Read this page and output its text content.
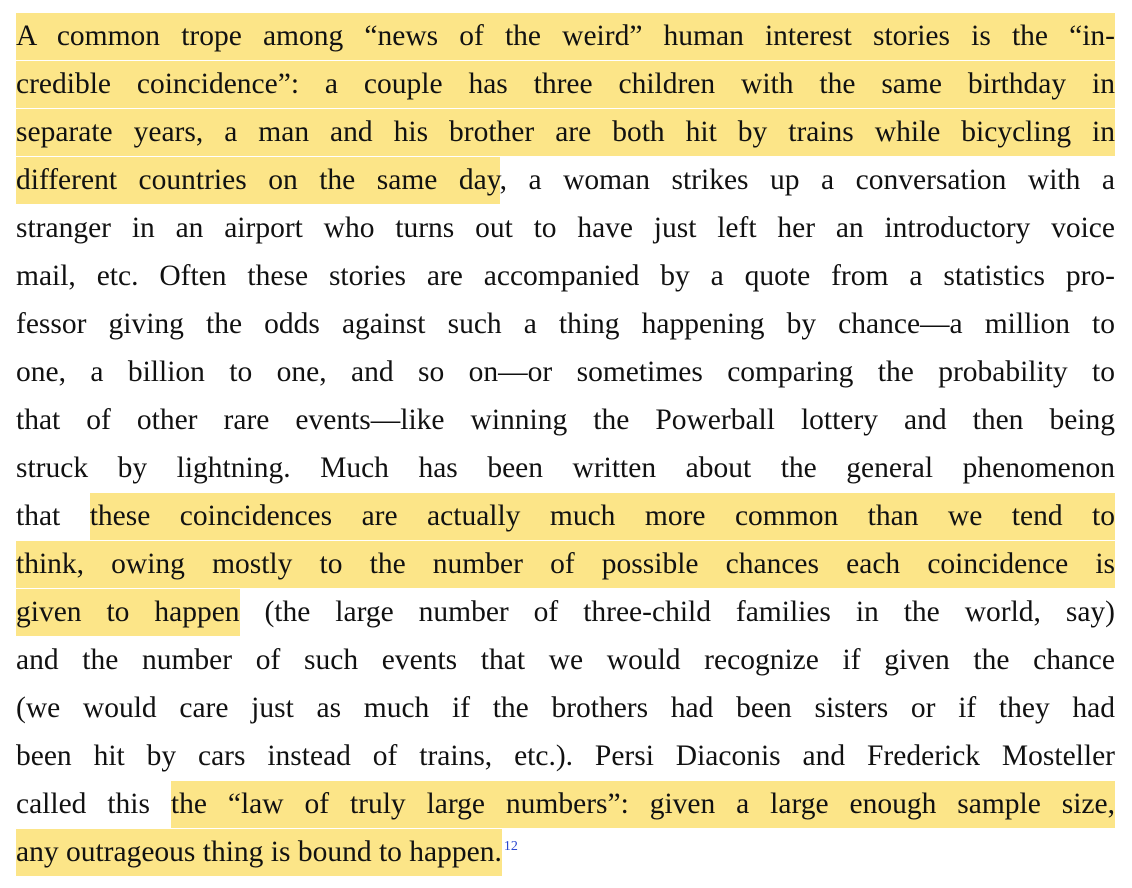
A common trope among “news of the weird” human interest stories is the “in-
credible coincidence”: a couple has three children with the same birthday in
separate years, a man and his brother are both hit by trains while bicycling in
different countries on the same day, a woman strikes up a conversation with a
stranger in an airport who turns out to have just left her an introductory voice
mail, etc. Often these stories are accompanied by a quote from a statistics pro-
fessor giving the odds against such a thing happening by chance—a million to
one, a billion to one, and so on—or sometimes comparing the probability to
that of other rare events—like winning the Powerball lottery and then being
struck by lightning. Much has been written about the general phenomenon
that these coincidences are actually much more common than we tend to
think, owing mostly to the number of possible chances each coincidence is
given to happen (the large number of three-child families in the world, say)
and the number of such events that we would recognize if given the chance
(we would care just as much if the brothers had been sisters or if they had
been hit by cars instead of trains, etc.). Persi Diaconis and Frederick Mosteller
called this the “law of truly large numbers”: given a large enough sample size,
any outrageous thing is bound to happen. $^{12}$
